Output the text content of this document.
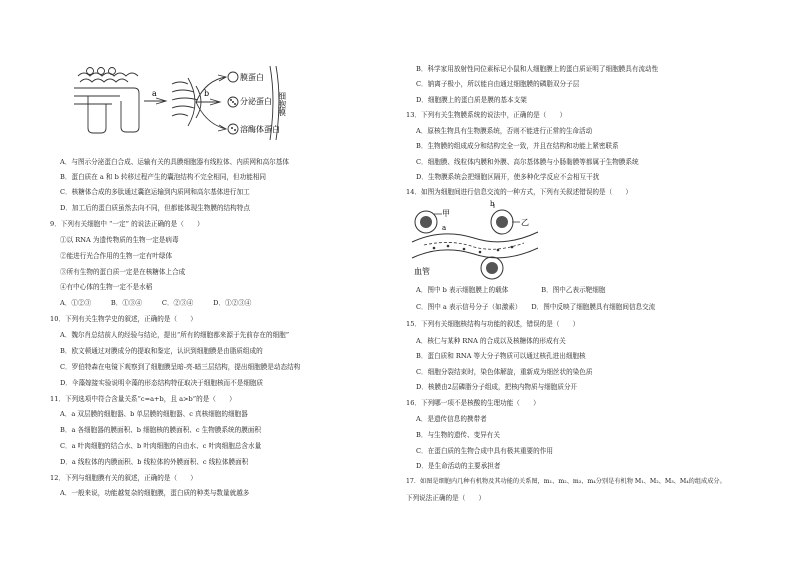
a	b
膜蛋白
分泌蛋白
溶酶体蛋白
细胞膜
A．与图示分泌蛋白合成、运输有关的具膜细胞器有线粒体、内质网和高尔基体
B．蛋白质在 a 和 b 转移过程产生的囊泡结构不完全相同，但功能相同
C．核糖体合成的多肽通过囊泡运输到内质网和高尔基体进行加工
D．加工后的蛋白质虽然去向不同，但都能体现生物膜的结构特点
9．下列有关细胞中 “一定” 的说法正确的是（　　）
①以 RNA 为遗传物质的生物一定是病毒
②能进行光合作用的生物一定有叶绿体
③所有生物的蛋白质一定是在核糖体上合成
④有中心体的生物一定不是水稻
A．①②③　　　B．①③④　　　C．②③④　　　D．①②③④
10．下列有关生物学史的叙述，正确的是（　　）
A．魏尔肖总结前人的经验与结论，提出“所有的细胞都来源于先前存在的细胞”
B．欧文顿通过对膜成分的提取和鉴定，认识到细胞膜是由脂质组成的
C．罗伯特森在电镜下观察到了细胞膜呈暗-亮-暗三层结构，提出细胞膜是动态结构
D．伞藻嫁接实验说明伞藻的形态结构特征取决于细胞核而不是细胞质
11．下列选项中符合含量关系“c=a+b，且 a>b”的是（　　）
A．a 双层膜的细胞器、b 单层膜的细胞器、c 真核细胞的细胞器
B．a 各细胞器的膜面积、b 细胞核的膜面积、c 生物膜系统的膜面积
C．a 叶肉细胞的结合水、b 叶肉细胞的自由水、c 叶肉细胞总含水量
D．a 线粒体的内膜面积、b 线粒体的外膜面积、c 线粒体膜面积
12．下列与细胞膜有关的叙述，正确的是（　　）
A．一般来说，功能越复杂的细胞膜，蛋白质的种类与数量就越多
B．科学家用放射性同位素标记小鼠和人细胞膜上的蛋白质证明了细胞膜具有流动性
C．钠离子极小，所以能自由通过细胞膜的磷脂双分子层
D．细胞膜上的蛋白质是膜的基本支架
13．下列有关生物膜系统的说法中，正确的是（　　）
A．原核生物具有生物膜系统，否则不能进行正常的生命活动
B．生物膜的组成成分和结构完全一致，并且在结构和功能上紧密联系
C．细胞膜、线粒体内膜和外膜、高尔基体膜与小肠黏膜等都属于生物膜系统
D．生物膜系统会把细胞区隔开，使多种化学反应不会相互干扰
14．如图为细胞间进行信息交流的一种方式，下列有关叙述错误的是（　　）
A．图中 b 表示细胞膜上的载体　　　　　B．图中乙表示靶细胞
C．图中 a 表示信号分子（如激素）　　D．图中反映了细胞膜具有细胞间信息交流
15．下列有关细胞核结构与功能的叙述，错误的是（　　）
A．核仁与某种 RNA 的合成以及核糖体的形成有关
B．蛋白质和 RNA 等大分子物质可以通过核孔进出细胞核
C．细胞分裂结束时，染色体解旋，重新成为细丝状的染色质
D．核膜由2层磷脂分子组成，把核内物质与细胞质分开
16．下列哪一项不是核酸的生理功能（　　）
A．是遗传信息的携带者
B．与生物的遗传、变异有关
C．在蛋白质的生物合成中具有极其重要的作用
D．是生命活动的主要承担者
17．如图是细胞内几种有机物及其功能的关系图，m₁、m₂、m₃、m₄分别是有机物 M₁、M₂、M₃、M₄的组成成分。
下列说法正确的是（　　）
甲
a
b
乙
血管
